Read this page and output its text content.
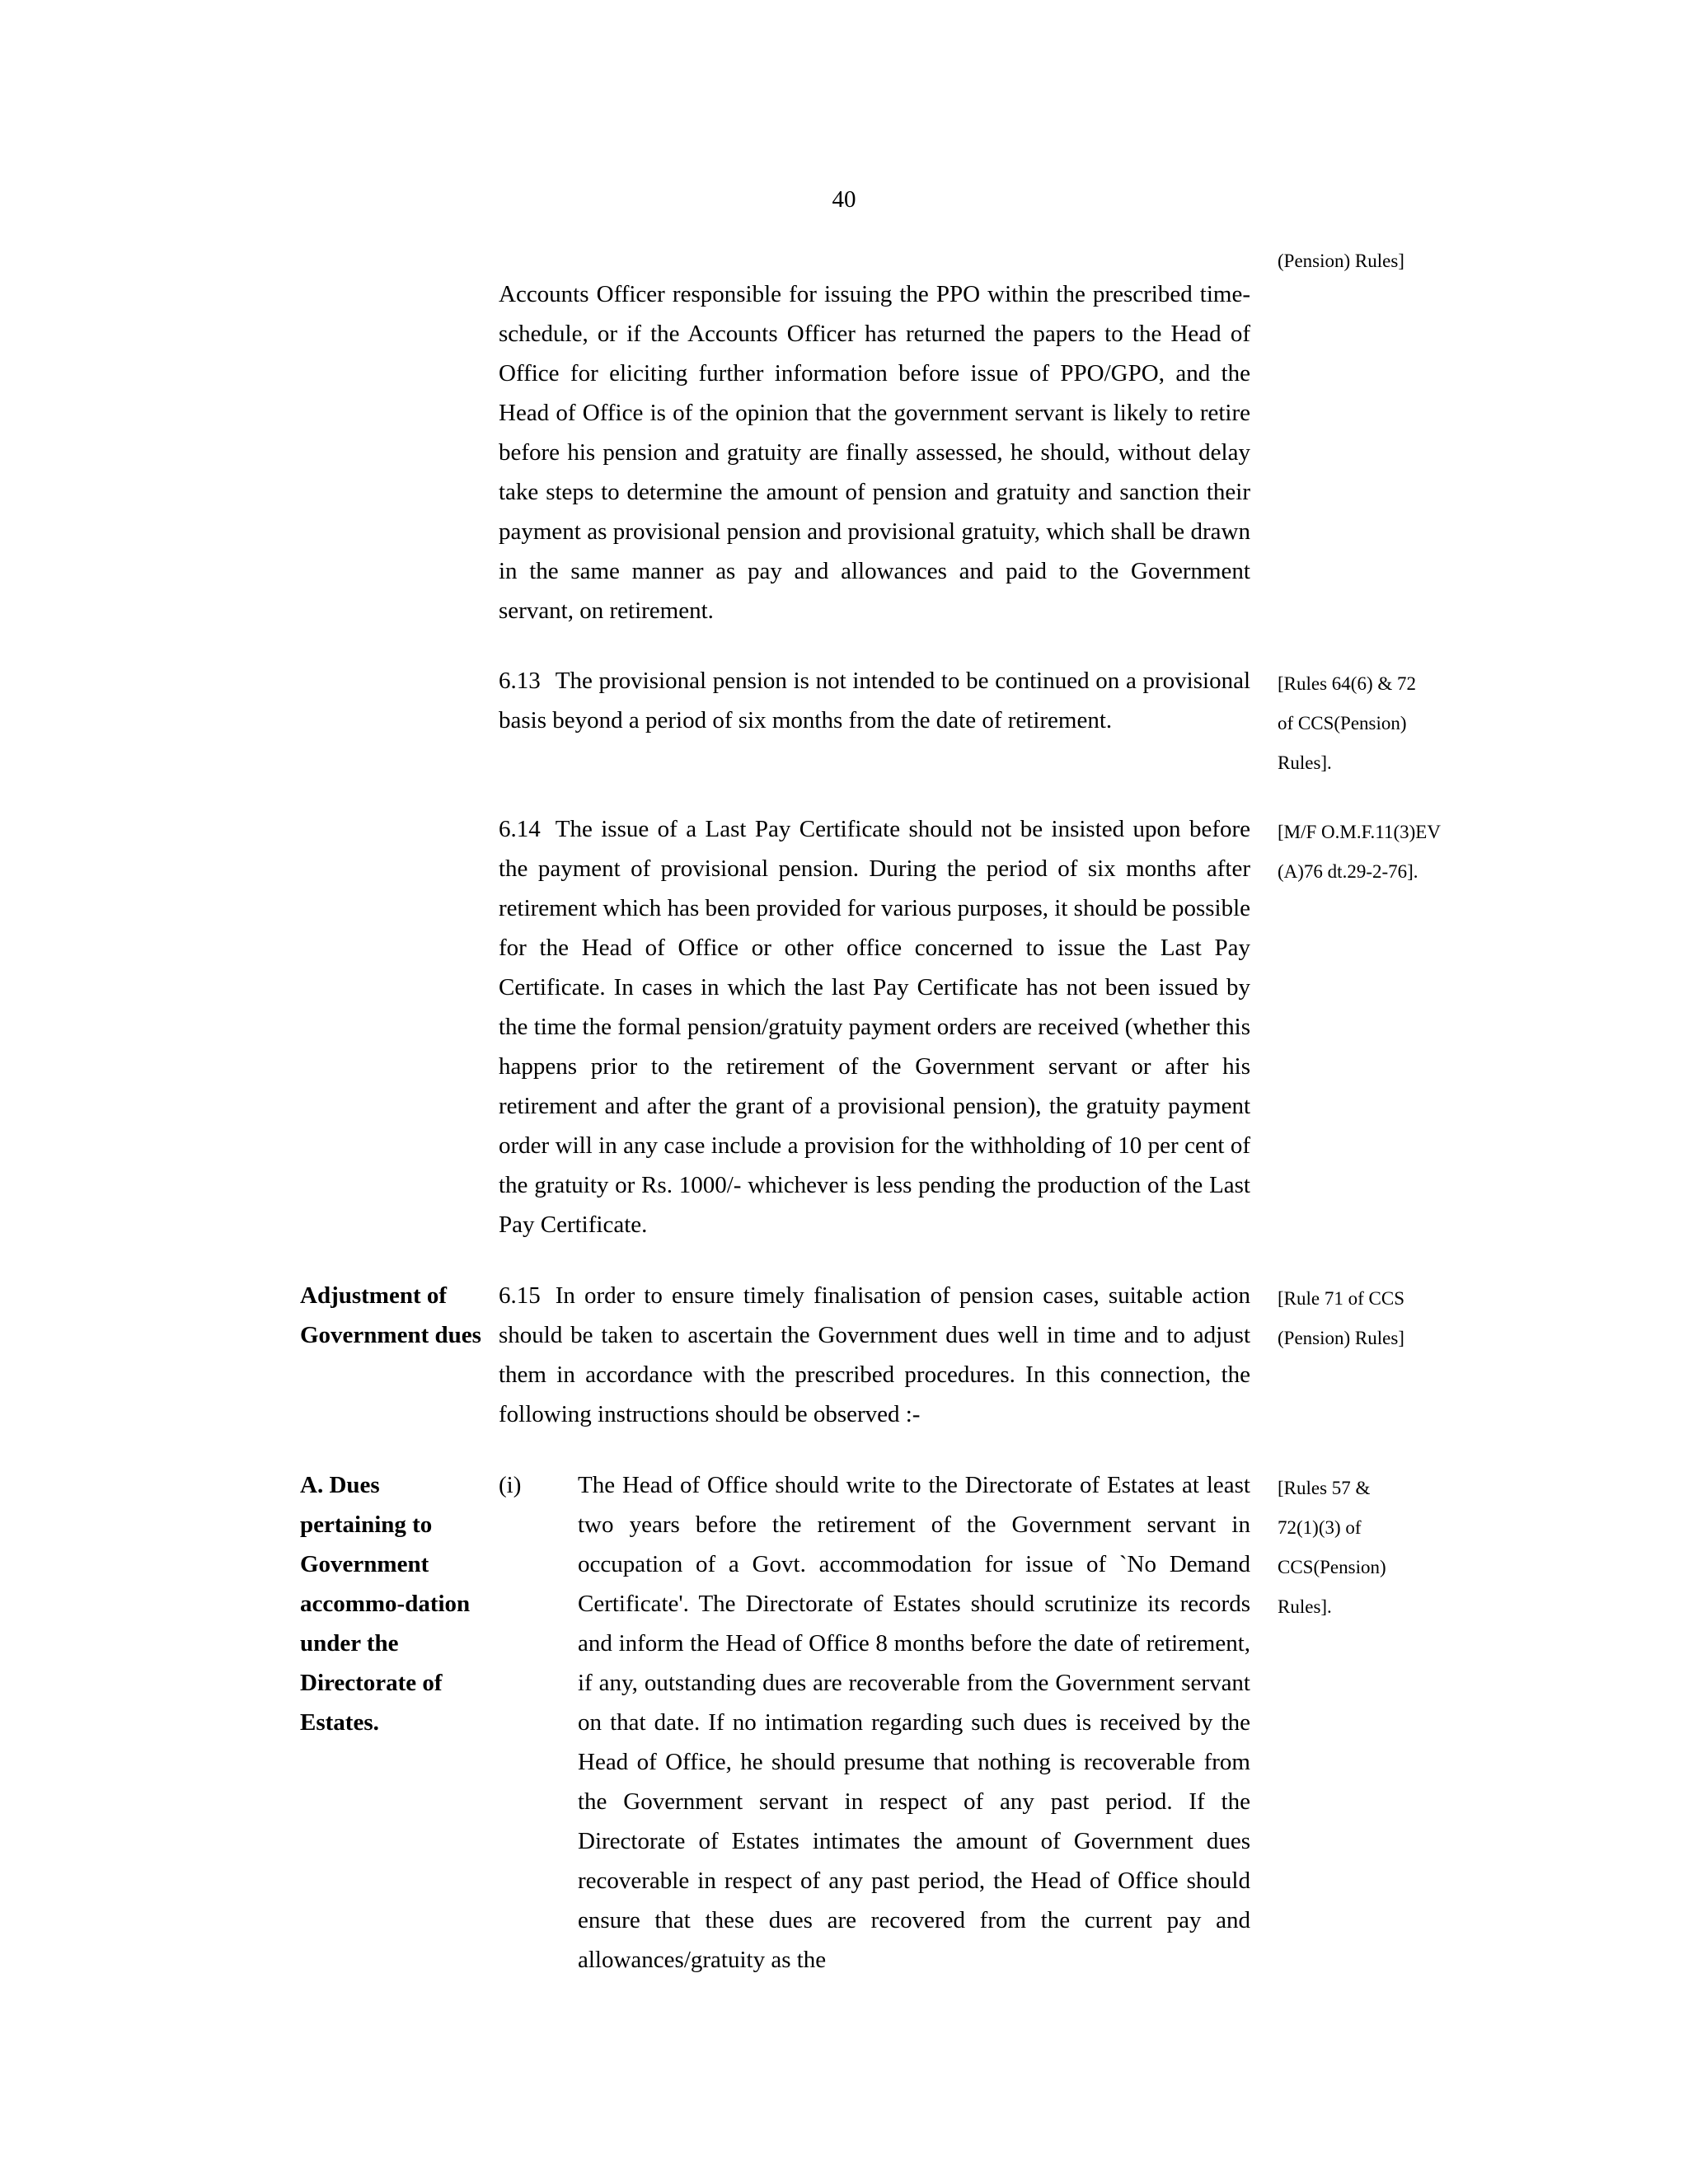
40
(Pension) Rules]
Accounts Officer responsible for issuing the PPO within the prescribed time-schedule, or if the Accounts Officer has returned the papers to the Head of Office for eliciting further information before issue of PPO/GPO, and the Head of Office is of the opinion that the government servant is likely to retire before his pension and gratuity are finally assessed, he should, without delay take steps to determine the amount of pension and gratuity and sanction their payment as provisional pension and provisional gratuity, which shall be drawn in the same manner as pay and allowances and paid to the Government servant, on retirement.
6.13 The provisional pension is not intended to be continued on a provisional basis beyond a period of six months from the date of retirement.
[Rules 64(6) & 72 of CCS(Pension) Rules].
6.14 The issue of a Last Pay Certificate should not be insisted upon before the payment of provisional pension. During the period of six months after retirement which has been provided for various purposes, it should be possible for the Head of Office or other office concerned to issue the Last Pay Certificate. In cases in which the last Pay Certificate has not been issued by the time the formal pension/gratuity payment orders are received (whether this happens prior to the retirement of the Government servant or after his retirement and after the grant of a provisional pension), the gratuity payment order will in any case include a provision for the withholding of 10 per cent of the gratuity or Rs. 1000/- whichever is less pending the production of the Last Pay Certificate.
[M/F O.M.F.11(3)EV (A)76 dt.29-2-76].
Adjustment of Government dues
6.15 In order to ensure timely finalisation of pension cases, suitable action should be taken to ascertain the Government dues well in time and to adjust them in accordance with the prescribed procedures. In this connection, the following instructions should be observed :-
[Rule 71 of CCS (Pension) Rules]
A. Dues pertaining to Government accommo-dation under the Directorate of Estates.
(i) The Head of Office should write to the Directorate of Estates at least two years before the retirement of the Government servant in occupation of a Govt. accommodation for issue of `No Demand Certificate'. The Directorate of Estates should scrutinize its records and inform the Head of Office 8 months before the date of retirement, if any, outstanding dues are recoverable from the Government servant on that date. If no intimation regarding such dues is received by the Head of Office, he should presume that nothing is recoverable from the Government servant in respect of any past period. If the Directorate of Estates intimates the amount of Government dues recoverable in respect of any past period, the Head of Office should ensure that these dues are recovered from the current pay and allowances/gratuity as the
[Rules 57 & 72(1)(3) of CCS(Pension) Rules].
